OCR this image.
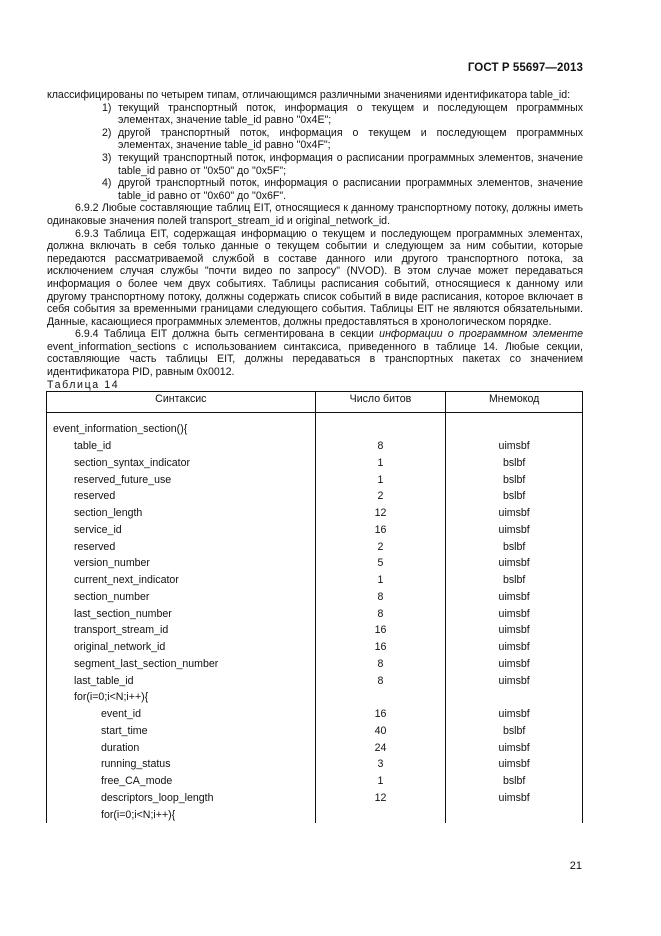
ГОСТ Р 55697—2013

классифицированы по четырем типам, отличающимся различными значениями идентификатора table_id:

1) текущий транспортный поток, информация о текущем и последующем программных элементах, значение table_id равно "0x4E";
2) другой транспортный поток, информация о текущем и последующем программных элементах, значение table_id равно "0x4F";
3) текущий транспортный поток, информация о расписании программных элементов, значение table_id равно от "0x50" до "0x5F";
4) другой транспортный поток, информация о расписании программных элементов, значение table_id равно от "0x60" до "0x6F".

6.9.2 Любые составляющие таблиц EIT, относящиеся к данному транспортному потоку, должны иметь одинаковые значения полей transport_stream_id и original_network_id.

6.9.3 Таблица EIT, содержащая информацию о текущем и последующем программных элементах, должна включать в себя только данные о текущем событии и следующем за ним событии, которые передаются рассматриваемой службой в составе данного или другого транспортного потока, за исключением случая службы "почти видео по запросу" (NVOD). В этом случае может передаваться информация о более чем двух событиях. Таблицы расписания событий, относящиеся к данному или другому транспортному потоку, должны содержать список событий в виде расписания, которое включает в себя события за временными границами следующего события. Таблицы EIT не являются обязательными. Данные, касающиеся программных элементов, должны предоставляться в хронологическом порядке.

6.9.4 Таблица EIT должна быть сегментирована в секции информации о программном элементе event_information_sections с использованием синтаксиса, приведенного в таблице 14. Любые секции, составляющие часть таблицы EIT, должны передаваться в транспортных пакетах со значением идентификатора PID, равным 0x0012.

Таблица 14

Синтаксис	Число битов	Мнемокод

event_information_section(){		
table_id	8	uimsbf
section_syntax_indicator	1	bslbf
reserved_future_use	1	bslbf
reserved	2	bslbf
section_length	12	uimsbf
service_id	16	uimsbf
reserved	2	bslbf
version_number	5	uimsbf
current_next_indicator	1	bslbf
section_number	8	uimsbf
last_section_number	8	uimsbf
transport_stream_id	16	uimsbf
original_network_id	16	uimsbf
segment_last_section_number	8	uimsbf
last_table_id	8	uimsbf
for(i=0;i<N;i++){		
event_id	16	uimsbf
start_time	40	bslbf
duration	24	uimsbf
running_status	3	uimsbf
free_CA_mode	1	bslbf
descriptors_loop_length	12	uimsbf
for(i=0;i<N;i++){		
21
